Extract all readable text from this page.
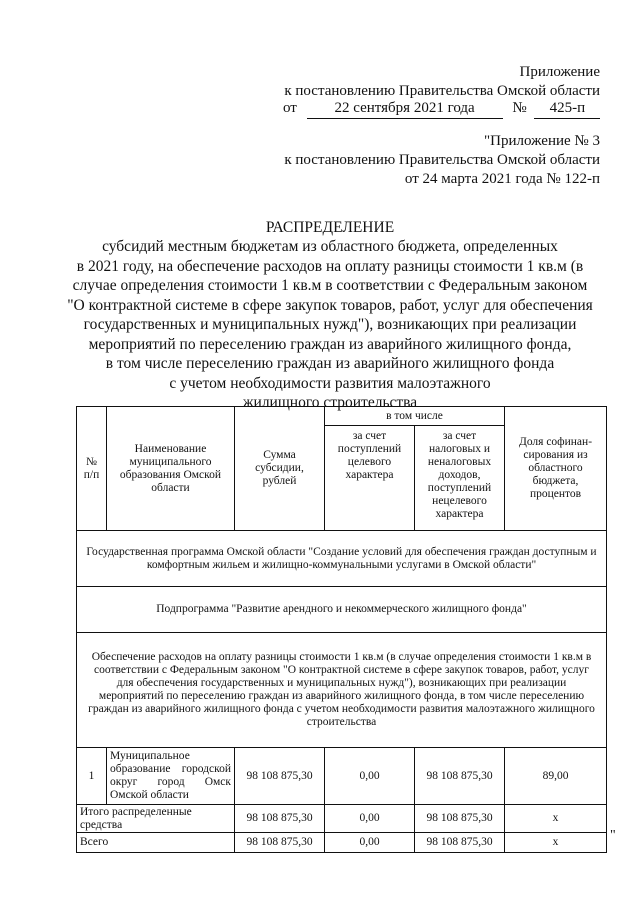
Приложение
к постановлению Правительства Омской области
от	22 сентября 2021 года	№ 425-п
"Приложение № 3
к постановлению Правительства Омской области
от 24 марта 2021 года № 122-п
РАСПРЕДЕЛЕНИЕ
субсидий местным бюджетам из областного бюджета, определенных
в 2021 году, на обеспечение расходов на оплату разницы стоимости 1 кв.м (в
случае определения стоимости 1 кв.м в соответствии с Федеральным законом
"О контрактной системе в сфере закупок товаров, работ, услуг для обеспечения
государственных и муниципальных нужд"), возникающих при реализации
мероприятий по переселению граждан из аварийного жилищного фонда,
в том числе переселению граждан из аварийного жилищного фонда
с учетом необходимости развития малоэтажного
жилищного строительства
№ п/п	Наименование муниципального образования Омской области	Сумма субсидии, рублей	в том числе		Доля софинан-сирования из областного бюджета, процентов
			за счет поступлений целевого характера	за счет налоговых и неналоговых доходов, поступлений нецелевого характера	
Государственная программа Омской области "Создание условий для обеспечения граждан доступным и комфортным жильем и жилищно-коммунальными услугами в Омской области"					
Подпрограмма "Развитие арендного и некоммерческого жилищного фонда"					
Обеспечение расходов на оплату разницы стоимости 1 кв.м (в случае определения стоимости 1 кв.м в соответствии с Федеральным законом "О контрактной системе в сфере закупок товаров, работ, услуг для обеспечения государственных и муниципальных нужд"), возникающих при реализации мероприятий по переселению граждан из аварийного жилищного фонда, в том числе переселению граждан из аварийного жилищного фонда с учетом необходимости развития малоэтажного жилищного строительства					
1	Муниципальное образование городской округ город Омск Омской области	98 108 875,30	0,00	98 108 875,30	89,00
Итого распределенные средства		98 108 875,30	0,00	98 108 875,30	x
Всего		98 108 875,30	0,00	98 108 875,30	x	"
